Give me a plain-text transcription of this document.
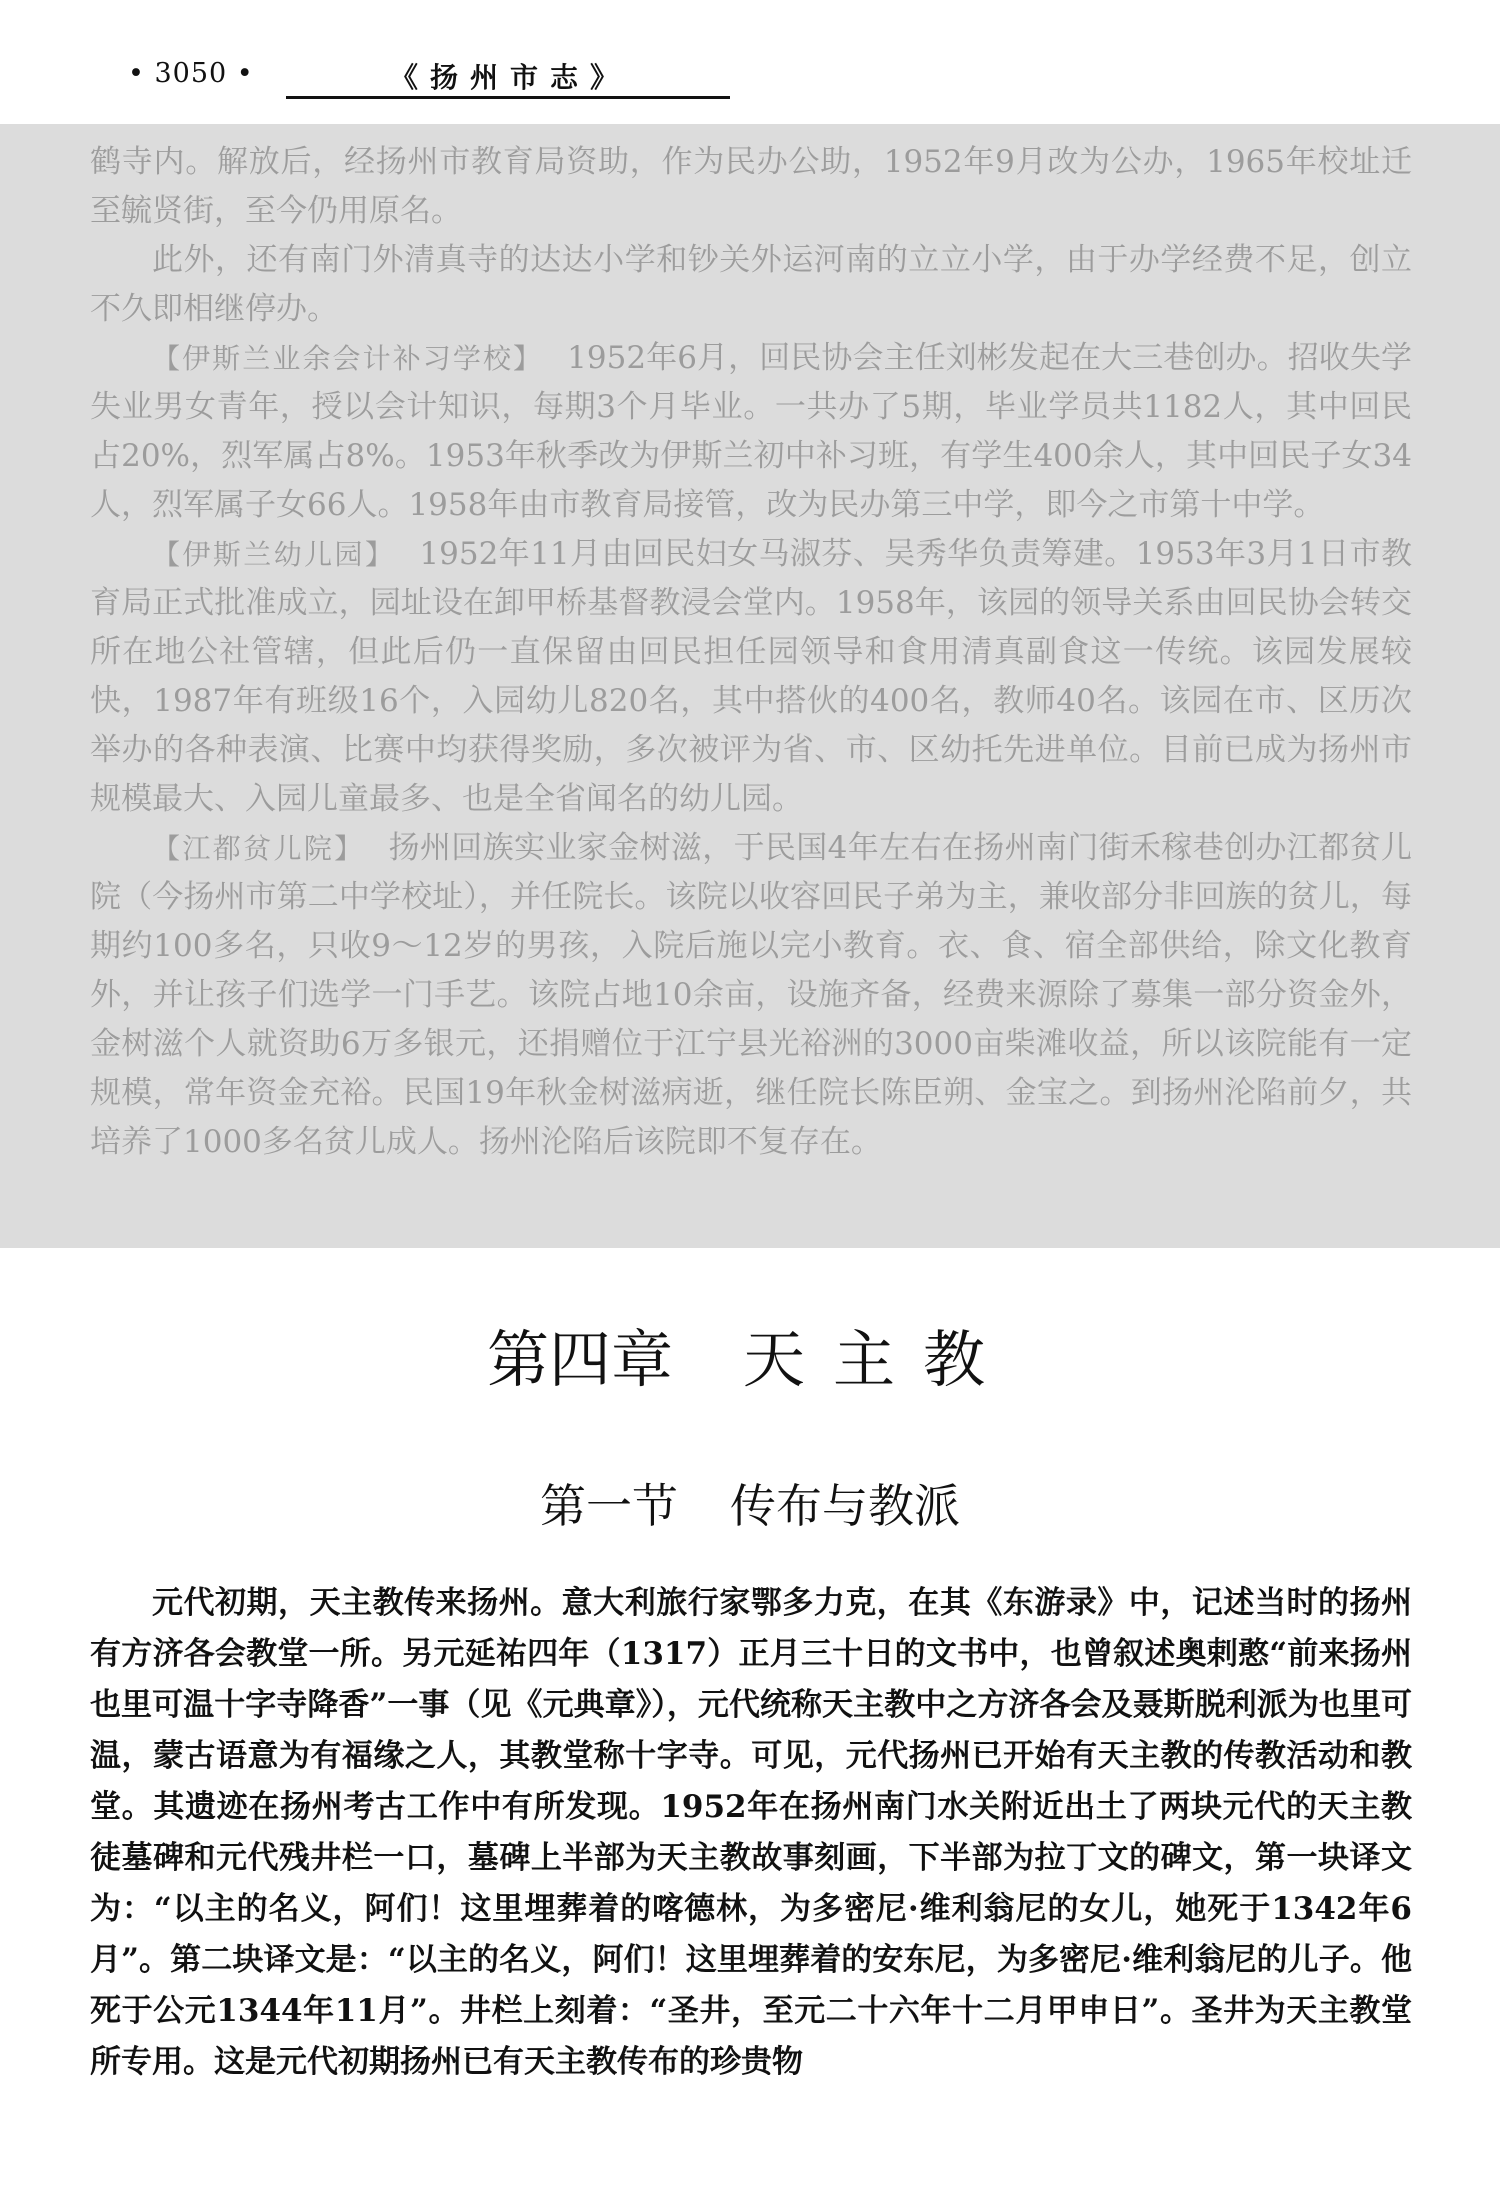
• 3050 •	《扬州市志》

鹤寺内。解放后，经扬州市教育局资助，作为民办公助，1952年9月改为公办，1965年校址迁至毓贤街，至今仍用原名。

此外，还有南门外清真寺的达达小学和钞关外运河南的立立小学，由于办学经费不足，创立不久即相继停办。

【伊斯兰业余会计补习学校】 1952年6月，回民协会主任刘彬发起在大三巷创办。招收失学失业男女青年，授以会计知识，每期3个月毕业。一共办了5期，毕业学员共1182人，其中回民占20%，烈军属占8%。1953年秋季改为伊斯兰初中补习班，有学生400余人，其中回民子女34人，烈军属子女66人。1958年由市教育局接管，改为民办第三中学，即今之市第十中学。

【伊斯兰幼儿园】 1952年11月由回民妇女马淑芬、吴秀华负责筹建。1953年3月1日市教育局正式批准成立，园址设在卸甲桥基督教浸会堂内。1958年，该园的领导关系由回民协会转交所在地公社管辖，但此后仍一直保留由回民担任园领导和食用清真副食这一传统。该园发展较快，1987年有班级16个，入园幼儿820名，其中搭伙的400名，教师40名。该园在市、区历次举办的各种表演、比赛中均获得奖励，多次被评为省、市、区幼托先进单位。目前已成为扬州市规模最大、入园儿童最多、也是全省闻名的幼儿园。

【江都贫儿院】 扬州回族实业家金树滋，于民国4年左右在扬州南门街禾稼巷创办江都贫儿院（今扬州市第二中学校址），并任院长。该院以收容回民子弟为主，兼收部分非回族的贫儿，每期约100多名，只收9～12岁的男孩，入院后施以完小教育。衣、食、宿全部供给，除文化教育外，并让孩子们选学一门手艺。该院占地10余亩，设施齐备，经费来源除了募集一部分资金外，金树滋个人就资助6万多银元，还捐赠位于江宁县光裕洲的3000亩柴滩收益，所以该院能有一定规模，常年资金充裕。民国19年秋金树滋病逝，继任院长陈臣朔、金宝之。到扬州沦陷前夕，共培养了1000多名贫儿成人。扬州沦陷后该院即不复存在。

第四章 天主教
第一节 传布与教派

元代初期，天主教传来扬州。意大利旅行家鄂多力克，在其《东游录》中，记述当时的扬州有方济各会教堂一所。另元延祐四年（1317）正月三十日的文书中，也曾叙述奥剌憨“前来扬州也里可温十字寺降香”一事（见《元典章》），元代统称天主教中之方济各会及聂斯脱利派为也里可温，蒙古语意为有福缘之人，其教堂称十字寺。可见，元代扬州已开始有天主教的传教活动和教堂。其遗迹在扬州考古工作中有所发现。1952年在扬州南门水关附近出土了两块元代的天主教徒墓碑和元代残井栏一口，墓碑上半部为天主教故事刻画，下半部为拉丁文的碑文，第一块译文为：“以主的名义，阿们！这里埋葬着的喀德林，为多密尼·维利翁尼的女儿，她死于1342年6月”。第二块译文是：“以主的名义，阿们！这里埋葬着的安东尼，为多密尼·维利翁尼的儿子。他死于公元1344年11月”。井栏上刻着：“圣井，至元二十六年十二月甲申日”。圣井为天主教堂所专用。这是元代初期扬州已有天主教传布的珍贵物
